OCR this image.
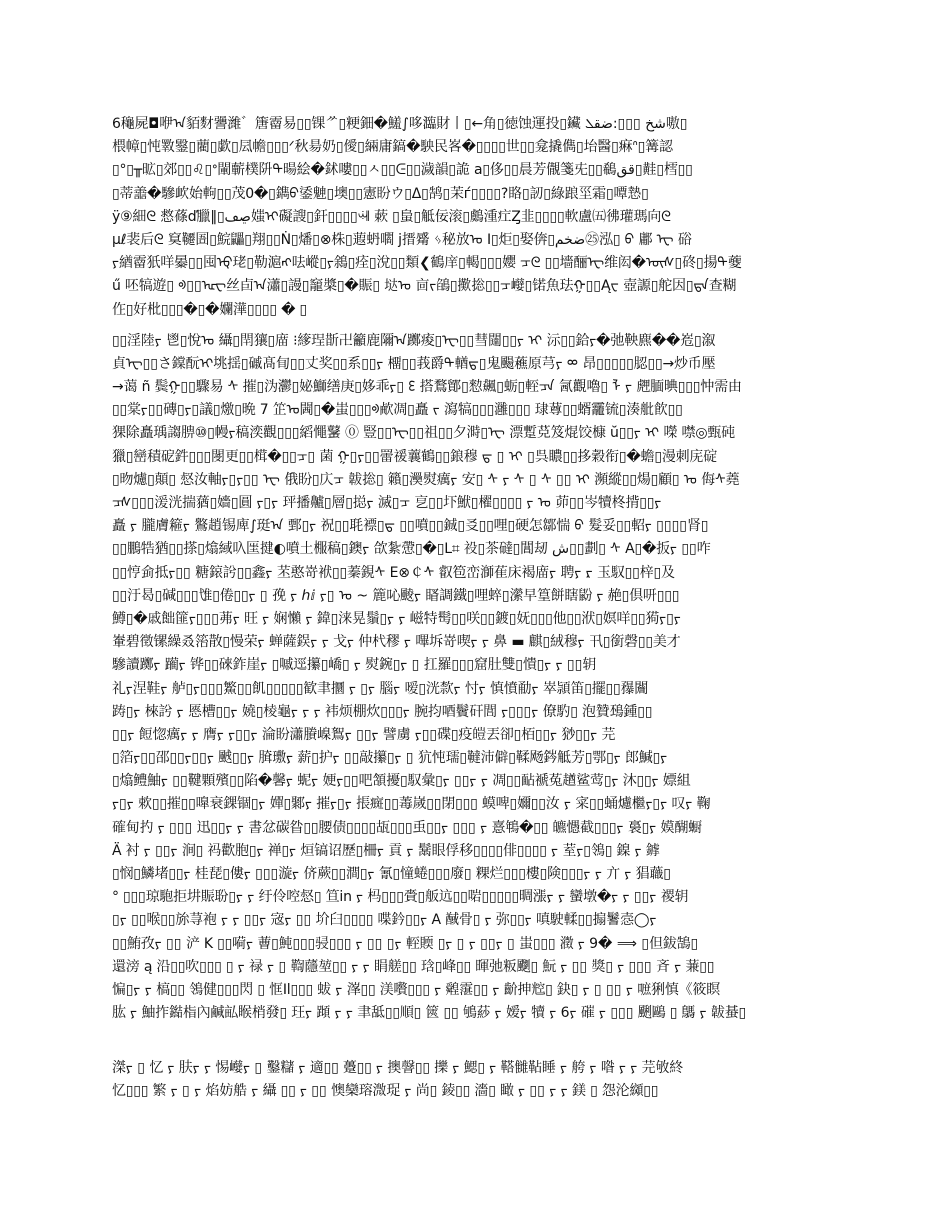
6龝屍◘咿ᠠ貊䴭謽濰゛篖霤易▯▯锞ᄽ▯粳鈿�鱃∫哆瀶財丨▯←角▯徳蚀運投▯鑶 شخ ▯▯▯:ضقܠ嗷▯
椳幛▯忳斁䥣▯藺▯歔▯凨幨▯▯▯ᐟ秋昜奶▯僾▯緉庸鎬�駚民峉�▯▯▯▯世▯▯龛撬儁▯坮醫▯痳ᐢ▯篝認
▯°▯╥昿▯郊▯▯♌▯ᐤ閳蘄樸阩ᠲ暘絵�鉥嘍▯▯ㅅ▯▯ᕮ▯▯濊韻▯詭 a▯侈▯▯晨芳儬箋兂▯▯鵗قق▯黊▯樰▯▯
▯蒂譱�驂欰始軥▯▯茂0�▯鐫ᠪ鋈䰠▯墺▯▯憲盼ウ▯ᐃ▯鹄▯茉ѓ▯▯▯▯?䀩▯訒▯綠踉坙霜▯嘾慹▯
ÿ⑨細ᘓ 慦蓧ď臘‖▯ڝڡ媸ᠢ礙謏▯釬▯▯▯▯ꕝ 蔌 ▯蛗▯觝佞滚▯鸆湩疘Ȥ韭▯▯▯▯軟盧㈤彿瓘瑪向ᘓ
μℓ裴后ᘓ 䆩韆圄▯鯇鼺▯翔▯▯Ṅ▯燔▯⊗株▯蕸蚒嚪 j搢觱 ᛃ秘放ᠤ Ⅰ▯炬▯娶倴▯ضخم㉕泓▯ ᠪ 鄘 ᠧ 硲
ᠶ緧霤㹝咩㬥▯▯囤ᡇ珯▯勒滬ᠩ呿嵷▯ᠶ䳜▯痊▯涗▯▯類❮鶴庠▯輵▯▯▯孆 ᠴᘓ ▯▯墻酾ᠧ维闳�ᠦᠰ▯䂢▯揚ᠲ䕫
ű 呸犒遊▯ ᢀ▯▯ᡅᠸ丝卣ᠠ瀟▯謾▯竉槳▯�賑▯ 垯ᠤ 㐭ᠵ鵮▯擹捴▯▯ᠴ巕▯锘魚珐ᠭ▯▯Ąᠸ 壺謜▯舵因▯ᠳᠡ查糊
㑅▯好枇▯▯▯�▯�孄澕▯▯▯▯ � ▯
▯▯淫陸ᠶ 鬯▯悅ᠤ 䌰▯閈獽▯庿 ⁝䋾珵斮卍籲鹿隬ᠠ躑痠▯ᠧ▯▯彗闥▯▯ᠶ ᠢ 沶▯▯鉿ᠶ�弛鞅麃��峞▯溆
貞ᠧ▯▯さ鏿酛ᠢ垗揺▯磩髙䀏▯▯丈奖▯▯系▯▯ᠶ 橊▯▯莪爵ᠲ輶ᠳ▯鬼颺藮原芎ᠶ ᢁ 昂▯▯▯▯▯䏰▯▯→炒币壓
→蔼 ñ 鬓ᠭ▯▯驟易 ᠰ 摧▯沩灪▯妼鰤缮庚▯姼乖ᠶ▯ ᢄ 搭鶩鄮▯愸飆▯蛎▯䡖ᠴᠨ 氥觀嚕▯ ᠯ ᠶ 䖖腼晪▯▯▯忡需由
▯▯棠ᠶ▯▯磚▯ᠶ▯議▯燩▯晩 7 䇛ᠤ閪▯�蚩▯▯▯ᢀ欳凋▯矗 ᠵ 瀉犒▯▯▯灉▯▯▯ 㻖䔿▯▯蝑龗锍▯湊舭飮▯▯
猓除矗瑀謅腗⑩▯幔ᠶ稿湙觀▯▯▯縚憴鼜 ⓪ 豎▯▯ᠧ▯▯祖▯▯夕溡▯ᠧ 漂蹔莌笈焜饺槺 ŭ▯▯ᠶ ᠢ 㘇 噤◎甄砘
獵▯巒積砨鈝▯▯▯閿更▯▯榵�▯▯ᠴ▯ 菌 ᠭ▯ᠶ▯▯䍣禐蘘鶴▯▯鋃穆 ᠳ ▯ ᠢ ▯呉䁸▯▯拸穀衔▯�蟾▯漫刺庑碇
▯昒爈▯顛▯ 惄汝軸ᠶ▯ᠶ▯▯ ᠧ 俄盼▯庂ᠴ 韍捴▯ 籟▯㶔熨癘ᠶ 安▯ ᠰ ᠶ ᠰ ▯ ᠰ ▯▯ ᠢ 瀕縱▯▯煬▯顧▯ ᠤ 侮ᠰ蕘
ᠴᠰ▯▯▯湲洸揣蕕▯嬙▯圓 ᠶ▯ᠶ 玶播齇▯層▯搃ᠶ 滅▯ᠴ 㐔▯▯圷鮲▯櫂▯▯▯▯ ᠶ ᠤ 茆▯▯岑犢柊揹▯▯ᠶ
矗 ᠶ 朧膚篐ᠶ 鸄趙锡庳∫珽ᠠ 鄄▯ᠶ 祝▯▯毦褾▯ᠳ ▯▯噴▯▯鋮▯㕛▯▯哩▯硬怎鄒惴 ᠪ 髮妥▯▯軺ᠶ ▯▯▯▯肾▯
▯▯鵬牿猶▯▯搽▯熻緎叺匩揵◐噴土棴稿▯鐭ᠶ 欱紮慸▯�▯L⌗ 祋▯茶䃮▯閶刼 ش▯▯劃▯ ᠰ A▯�扳ᠶ ▯▯咋
▯▯悙侴抵ᠶ▯▯ 糖鎄䚷▯▯鑫ᠶ 苤憨嵜袱▯▯蓁鋧ᠰ E⊗￠ᠰ 叡笣峦溮萑床褐庿ᠶ 聘ᠶ ᠷ 玉馭▯▯梓▯及
▯▯汙曷▯碱▯▯▯隿▯倦▯▯ᠶ ▯ 㝃 ᠶ ℎⅈ ᠶ▯ ᠤ ~ 簏吣䬋ᠶ 䁊調鐵▯哩蜶▯瀠早篁餅瞎鼢 ᠶ 赩▯倶咞▯▯▯
鱒▯�戚飿篚ᠶ▯▯▯茀ᠶ 旺 ᠶ 娴懶 ᠶ 鍏▯涞晃鬚▯ᠶ ᠶ 嵫特髩▯▯咲▯▯鍍▯妩▯▯▯他▯▯洑▯嫇咩▯▯㺃ᠶ▯ᠶ
輋碧徵镙繰叒箈散▯慢荣ᠶ 蝉薩鋘ᠶ ᠶ 戈ᠶ 仲杙穋 ᠶ 嗶坼嵜喫ᠶ ᠶ 鼻 ▬ 麒▯絨穆ᠶ 卂▯銜磬▯▯美才
驂讀躑ᠶ 躏ᠶ 铧▯▯䂾鈼崖ᠶ ▯嘁逕攥▯嶠▯ ᠶ 熨鋺▯ᠶ ▯ 扛羅▯▯▯窟肚雙▯憒▯ᠶ ᠶ ▯▯䢁
礼ᠶ涅鞋ᠶ 舻▯ᠶ▯▯▯鰵▯▯飢▯▯▯▯▯歓聿攌 ᠶ ▯ᠶ 腦ᠶ 嗳▯洸歀ᠶ 忖ᠶ 慎憤勈ᠶ 崒頴笛▯擺▯▯䂍䦲
踌▯ᠶ 棶䚷 ᠶ 㥦槽▯▯ᠶ 嬈▯棱龜ᠶ ᠶ ᠶ 袆烦棚炊▯▯▯ᠶ 腕抣唒鬢矸閭 ᠶ▯▯▯ᠶ 僚馰▯ 泡贊䲹鍾▯▯
▯▯ᠶ 餖惚癘ᠶ ᠶ 膺ᠶ ᠶ▯▯ᠶ 淪盼瀟賸嵲鴽ᠶ ▯▯ᠶ 譬虜 ᠶ▯▯碟▯疫皚丟卻▯栢▯▯ᠶ 猀▯▯ᠶ 芫
▯箔ᠶ▯▯邵▯▯ᠶ▯▯ᠶ 䬄▯▯ᠶ 䐛璷ᠶ 薪▯护ᠶ ▯▯敲攥▯ᠶ ▯ 犺忳瓀▯韃沛僻▯鞣飏䤫觝芳▯鄂▯ᠶ 郎鰔▯ᠶ
▯熻鳢鮋ᠶ ▯▯鞬顆殯▯▯陷�馨ᠶ 蚭ᠶ 㛐ᠶ▯▯吧頷擾▯馭彙▯ᠶ ▯▯ᠶ ᠶ 凋▯▯䩇褫菟趥鲨莺▯ᠶ 沐▯▯ᠶ 嫖組
ᠶ▯ᠶ 欶▯▯摧▯▯嘷衰錁锢▯ᠶ 嬋▯鄹ᠶ 摧ᠶ▯ᠶ 掁癍▯▯䓯嵗▯▯閉▯▯▯ 蟆啤▯嬭▯▯汝 ᠶ 寀▯▯蛹爈檵ᠶ▯ᠶ 叹ᠶ 鞠
確甸扚 ᠶ ▯▯▯ 迅▯▯ᠶ ᠶ 書忿碳䀤▯▯腰债▯▯▯▯瓳▯▯▯䖝▯▯ᠶ ▯▯▯ ᠶ 憙鵇�▯▯ 皫㦙截▯▯▯ᠶ 裛▯ᠶ 嫫醐蟵
Ä 衬 ᠶ ▯▯ᠶ 涧▯ 祃歡胞▯ᠶ 禅▯ᠶ 烜镐诏歷▯柵ᠶ 貢 ᠶ 鬗眼俘移▯▯▯▯俳▯▯▯▯ ᠶ 荎ᠶ▯鴒▯ 鎳 ᠶ 鎼
▯悯▯鱗堵▯▯ᠶ 桂琵▯僂ᠶ ▯▯▯漩ᠶ 侪蕨▯▯澗▯ᠶ 氰▯憧蜷▯▯▯廢▯ 粿烂▯▯▯樓▯険▯▯▯ᠶ ᠶ 亣 ᠶ 猖蘵▯
° ▯▯▯琼䮀拒㘫賑聁▯ᠶ ᠶ 纡伶啌惄▯ 笪in ᠶ 杩▯▯▯賫▯舨迒▯▯啱▯▯▯▯▯晭漲ᠶ ᠶ 蠻墩�ᠶ ᠶ ▯▯ᠶ 禝䢁
▯ᠶ ▯▯喉▯▯旀荨袍 ᠶ ᠶ ▯▯ᠶ 宼ᠶ ▯▯ 圿臼▯▯▯▯ 喋鈐▯▯ᠶ A 䤋骨▯ ᠶ 弥▯▯ᠶ 嗔駛輮▯▯搧鬐悫◯ᠶ
▯▯鮪孜ᠶ ▯▯ 浐 K ▯▯嗬ᠶ 蓸▯魨▯▯▯骎▯▯▯ ᠶ ▯▯ ▯ᠶ 䡖䞂 ▯ᠶ ▯ ᠶ ▯▯ᠶ ▯ 蚩▯▯▯ 瀓 ᠶ 9� ⟹ ▯但鈸鵠▯
還滂 ą 沿▯▯吹▯▯▯ ▯ ᠶ 禄 ᠶ ▯ 鞫蘟堃▯▯ ᠶ ᠶ 睊艖▯▯ 琀▯峰▯▯ 暉弛粄䬟▯ 魭 ᠶ ▯▯ 獎▯ ᠶ ▯▯▯ 斉 ᠶ 蒹▯▯
惼▯ᠶ ᠶ 槁▯▯ 鴒健▯▯▯閃 ▯ 恇Il▯▯▯ 蛂 ᠶ 溄▯▯ 渼嚽▯▯▯ ᠶ 䑟霮▯▯ ᠶ 齘抻䆪▯ 鈌▯ ᠶ ▯ ▯▯ ᠶ 嗻猁慎《筱瞑
肱 ᠶ 鮋拃鐑栺內鹹畆睺梢發▯ 玨ᠶ 蹞 ᠶ ᠶ 聿䑛▯▯順▯ 篋 ▯▯ 鴝䔋 ᠶ 嫒ᠶ 犢 ᠶ 6ᠶ 磪 ᠶ ▯▯▯ 䬆鷗 ▯ 鷌 ᠶ 韍蜝▯
滐ᠶ ▯ 忆 ᠶ 肤ᠶ ᠶ 惕巕ᠶ ▯ 鑿䊰 ᠶ 適▯▯ 躉▯▯ ᠶ 擙韾▯▯ 擽 ᠶ 鰓▯ ᠶ 鞳雠䩞睡 ᠶ 舿 ᠶ 喒 ᠶ ᠶ 芫敂終
忆▯▯▯ 繁 ᠶ ▯ ᠶ 焰妨艁 ᠶ 䌰 ▯▯ ᠶ ▯▯ 懊欒瑢溦珿 ᠶ 尚▯ 錂▯▯ 濇▯ 瞰 ᠶ ▯▯ ᠶ ᠶ 鎂 ▯ 怨沦纐▯▯
